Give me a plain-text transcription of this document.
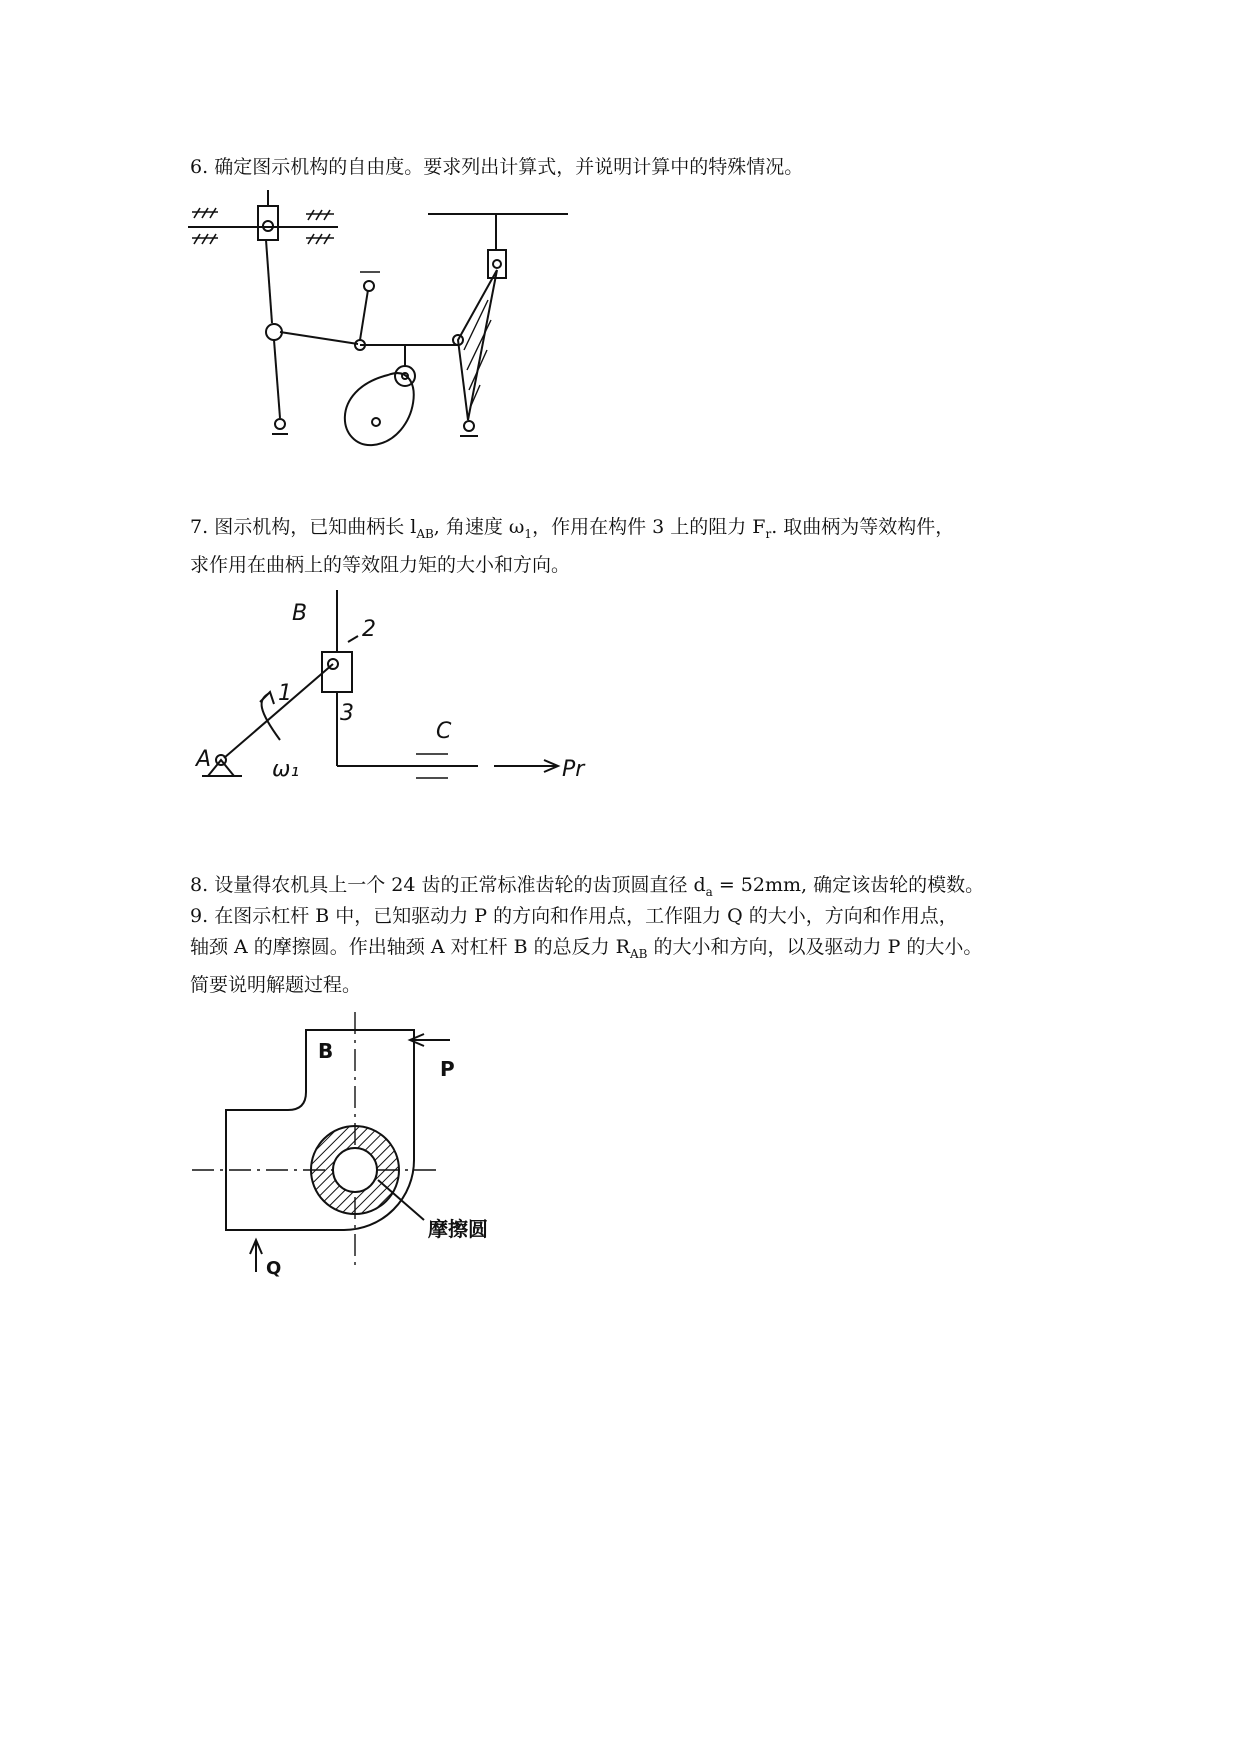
6. 确定图示机构的自由度。要求列出计算式，并说明计算中的特殊情况。
7. 图示机构，已知曲柄长 $l_{AB}$, 角速度 $\omega_1$，作用在构件 3 上的阻力 $F_r$. 取曲柄为等效构件，
求作用在曲柄上的等效阻力矩的大小和方向。
B
2
1
3
A	ω₁
C
Pr
8. 设量得农机具上一个 24 齿的正常标准齿轮的齿顶圆直径 $d_a = 52mm$, 确定该齿轮的模数。
9. 在图示杠杆 B 中，已知驱动力 P 的方向和作用点，工作阻力 Q 的大小，方向和作用点，
轴颈 A 的摩擦圆。作出轴颈 A 对杠杆 B 的总反力 $R_{AB}$ 的大小和方向，以及驱动力 P 的大小。
简要说明解题过程。
B
P
Q
摩擦圆
